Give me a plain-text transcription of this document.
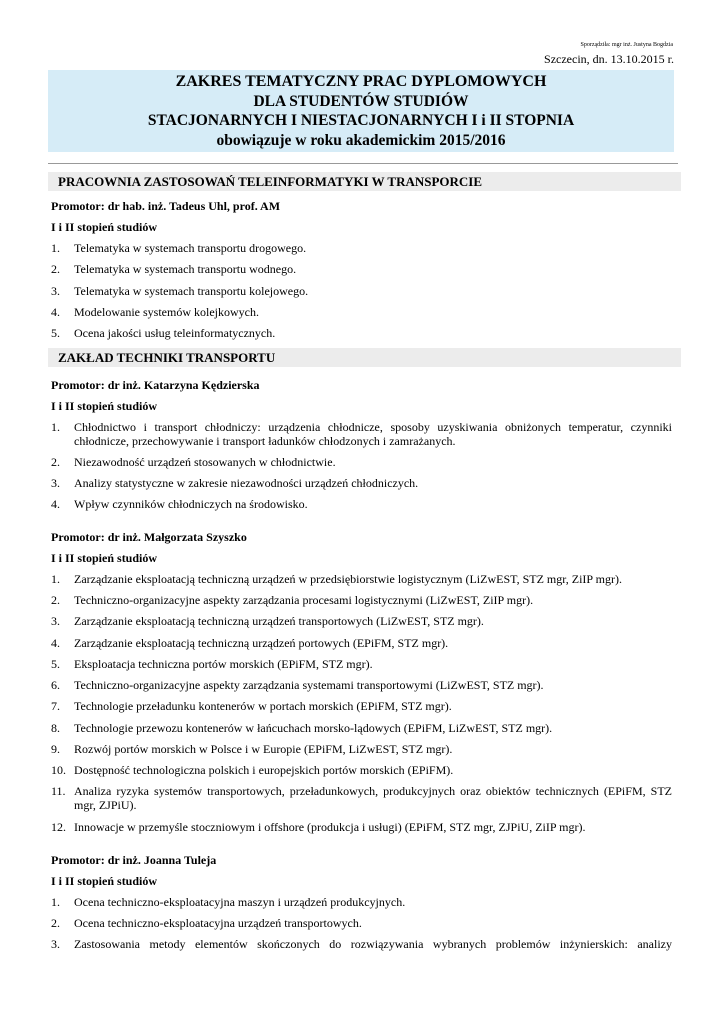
Sporządziła: mgr inż. Justyna Bogdzia
Szczecin, dn. 13.10.2015 r.
ZAKRES TEMATYCZNY PRAC DYPLOMOWYCH
DLA STUDENTÓW STUDIÓW
STACJONARNYCH I NIESTACJONARNYCH I i II STOPNIA
obowiązuje w roku akademickim 2015/2016
PRACOWNIA ZASTOSOWAŃ TELEINFORMATYKI W TRANSPORCIE
Promotor: dr hab. inż. Tadeus Uhl, prof. AM
I i II stopień studiów
1. Telematyka w systemach transportu drogowego.
2. Telematyka w systemach transportu wodnego.
3. Telematyka w systemach transportu kolejowego.
4. Modelowanie systemów kolejkowych.
5. Ocena jakości usług teleinformatycznych.
ZAKŁAD TECHNIKI TRANSPORTU
Promotor: dr inż. Katarzyna Kędzierska
I i II stopień studiów
1. Chłodnictwo i transport chłodniczy: urządzenia chłodnicze, sposoby uzyskiwania obniżonych temperatur, czynniki chłodnicze, przechowywanie i transport ładunków chłodzonych i zamrażanych.
2. Niezawodność urządzeń stosowanych w chłodnictwie.
3. Analizy statystyczne w zakresie niezawodności urządzeń chłodniczych.
4. Wpływ czynników chłodniczych na środowisko.
Promotor: dr inż. Małgorzata Szyszko
I i II stopień studiów
1. Zarządzanie eksploatacją techniczną urządzeń w przedsiębiorstwie logistycznym (LiZwEST, STZ mgr, ZiIP mgr).
2. Techniczno-organizacyjne aspekty zarządzania procesami logistycznymi (LiZwEST, ZiIP mgr).
3. Zarządzanie eksploatacją techniczną urządzeń transportowych (LiZwEST, STZ mgr).
4. Zarządzanie eksploatacją techniczną urządzeń portowych (EPiFM, STZ mgr).
5. Eksploatacja techniczna portów morskich (EPiFM, STZ mgr).
6. Techniczno-organizacyjne aspekty zarządzania systemami transportowymi (LiZwEST, STZ mgr).
7. Technologie przeładunku kontenerów w portach morskich (EPiFM, STZ mgr).
8. Technologie przewozu kontenerów w łańcuchach morsko-lądowych (EPiFM, LiZwEST, STZ mgr).
9. Rozwój portów morskich w Polsce i w Europie (EPiFM, LiZwEST, STZ mgr).
10. Dostępność technologiczna polskich i europejskich portów morskich (EPiFM).
11. Analiza ryzyka systemów transportowych, przeładunkowych, produkcyjnych oraz obiektów technicznych (EPiFM, STZ mgr, ZJPiU).
12. Innowacje w przemyśle stoczniowym i offshore (produkcja i usługi) (EPiFM, STZ mgr, ZJPiU, ZiIP mgr).
Promotor: dr inż. Joanna Tuleja
I i II stopień studiów
1. Ocena techniczno-eksploatacyjna maszyn i urządzeń produkcyjnych.
2. Ocena techniczno-eksploatacyjna urządzeń transportowych.
3. Zastosowania metody elementów skończonych do rozwiązywania wybranych problemów inżynierskich: analizy
